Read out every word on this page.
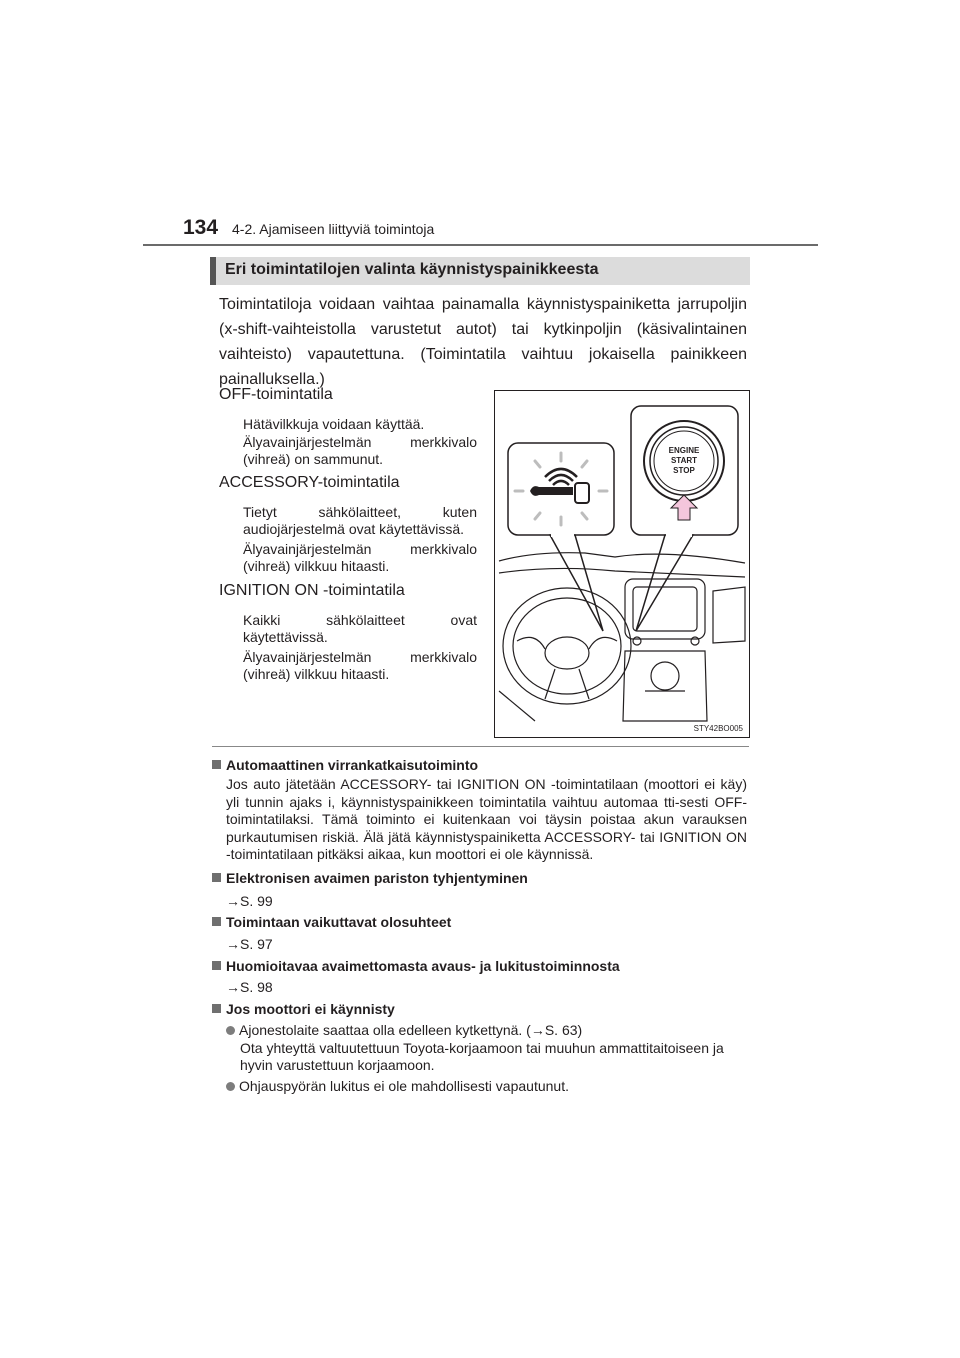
134 4-2. Ajamiseen liittyviä toimintoja
Eri toimintatilojen valinta käynnistyspainikkeesta
Toimintatiloja voidaan vaihtaa painamalla käynnistyspainiketta jarrupoljin (x-shift-vaihteistolla varustetut autot) tai kytkinpoljin (käsivalintainen vaihteisto) vapautettuna. (Toimintatila vaihtuu jokaisella painikkeen painalluksella.)
OFF-toimintatila
Hätävilkkuja voidaan käyttää.
Älyavainjärjestelmän merkkivalo (vihreä) on sammunut.
ACCESSORY-toimintatila
Tietyt sähkölaitteet, kuten audiojärjestelmä ovat käytettävissä.
Älyavainjärjestelmän merkkivalo (vihreä) vilkkuu hitaasti.
IGNITION ON -toimintatila
Kaikki sähkölaitteet ovat käytettävissä.
Älyavainjärjestelmän merkkivalo (vihreä) vilkkuu hitaasti.
ENGINE
START
STOP
STY42BO005
Automaattinen virrankatkaisutoiminto
Jos auto jätetään ACCESSORY- tai IGNITION ON -toimintatilaan (moottori ei käy) yli tunnin ajaks i, käynnistyspainikkeen toimintatila vaihtuu automaa tti-sesti OFF-toimintatilaksi. Tämä toiminto ei kuitenkaan voi täysin poistaa akun varauksen purkautumisen riskiä. Älä jätä käynnistyspainiketta ACCESSORY- tai IGNITION ON -toimintatilaan pitkäksi aikaa, kun moottori ei ole käynnissä.
Elektronisen avaimen pariston tyhjentyminen
→S. 99
Toimintaan vaikuttavat olosuhteet
→S. 97
Huomioitavaa avaimettomasta avaus- ja lukitustoiminnosta
→S. 98
Jos moottori ei käynnisty
Ajonestolaite saattaa olla edelleen kytkettynä. (→S. 63)
Ota yhteyttä valtuutettuun Toyota-korjaamoon tai muuhun ammattitaitoiseen ja hyvin varustettuun korjaamoon.
Ohjauspyörän lukitus ei ole mahdollisesti vapautunut.
